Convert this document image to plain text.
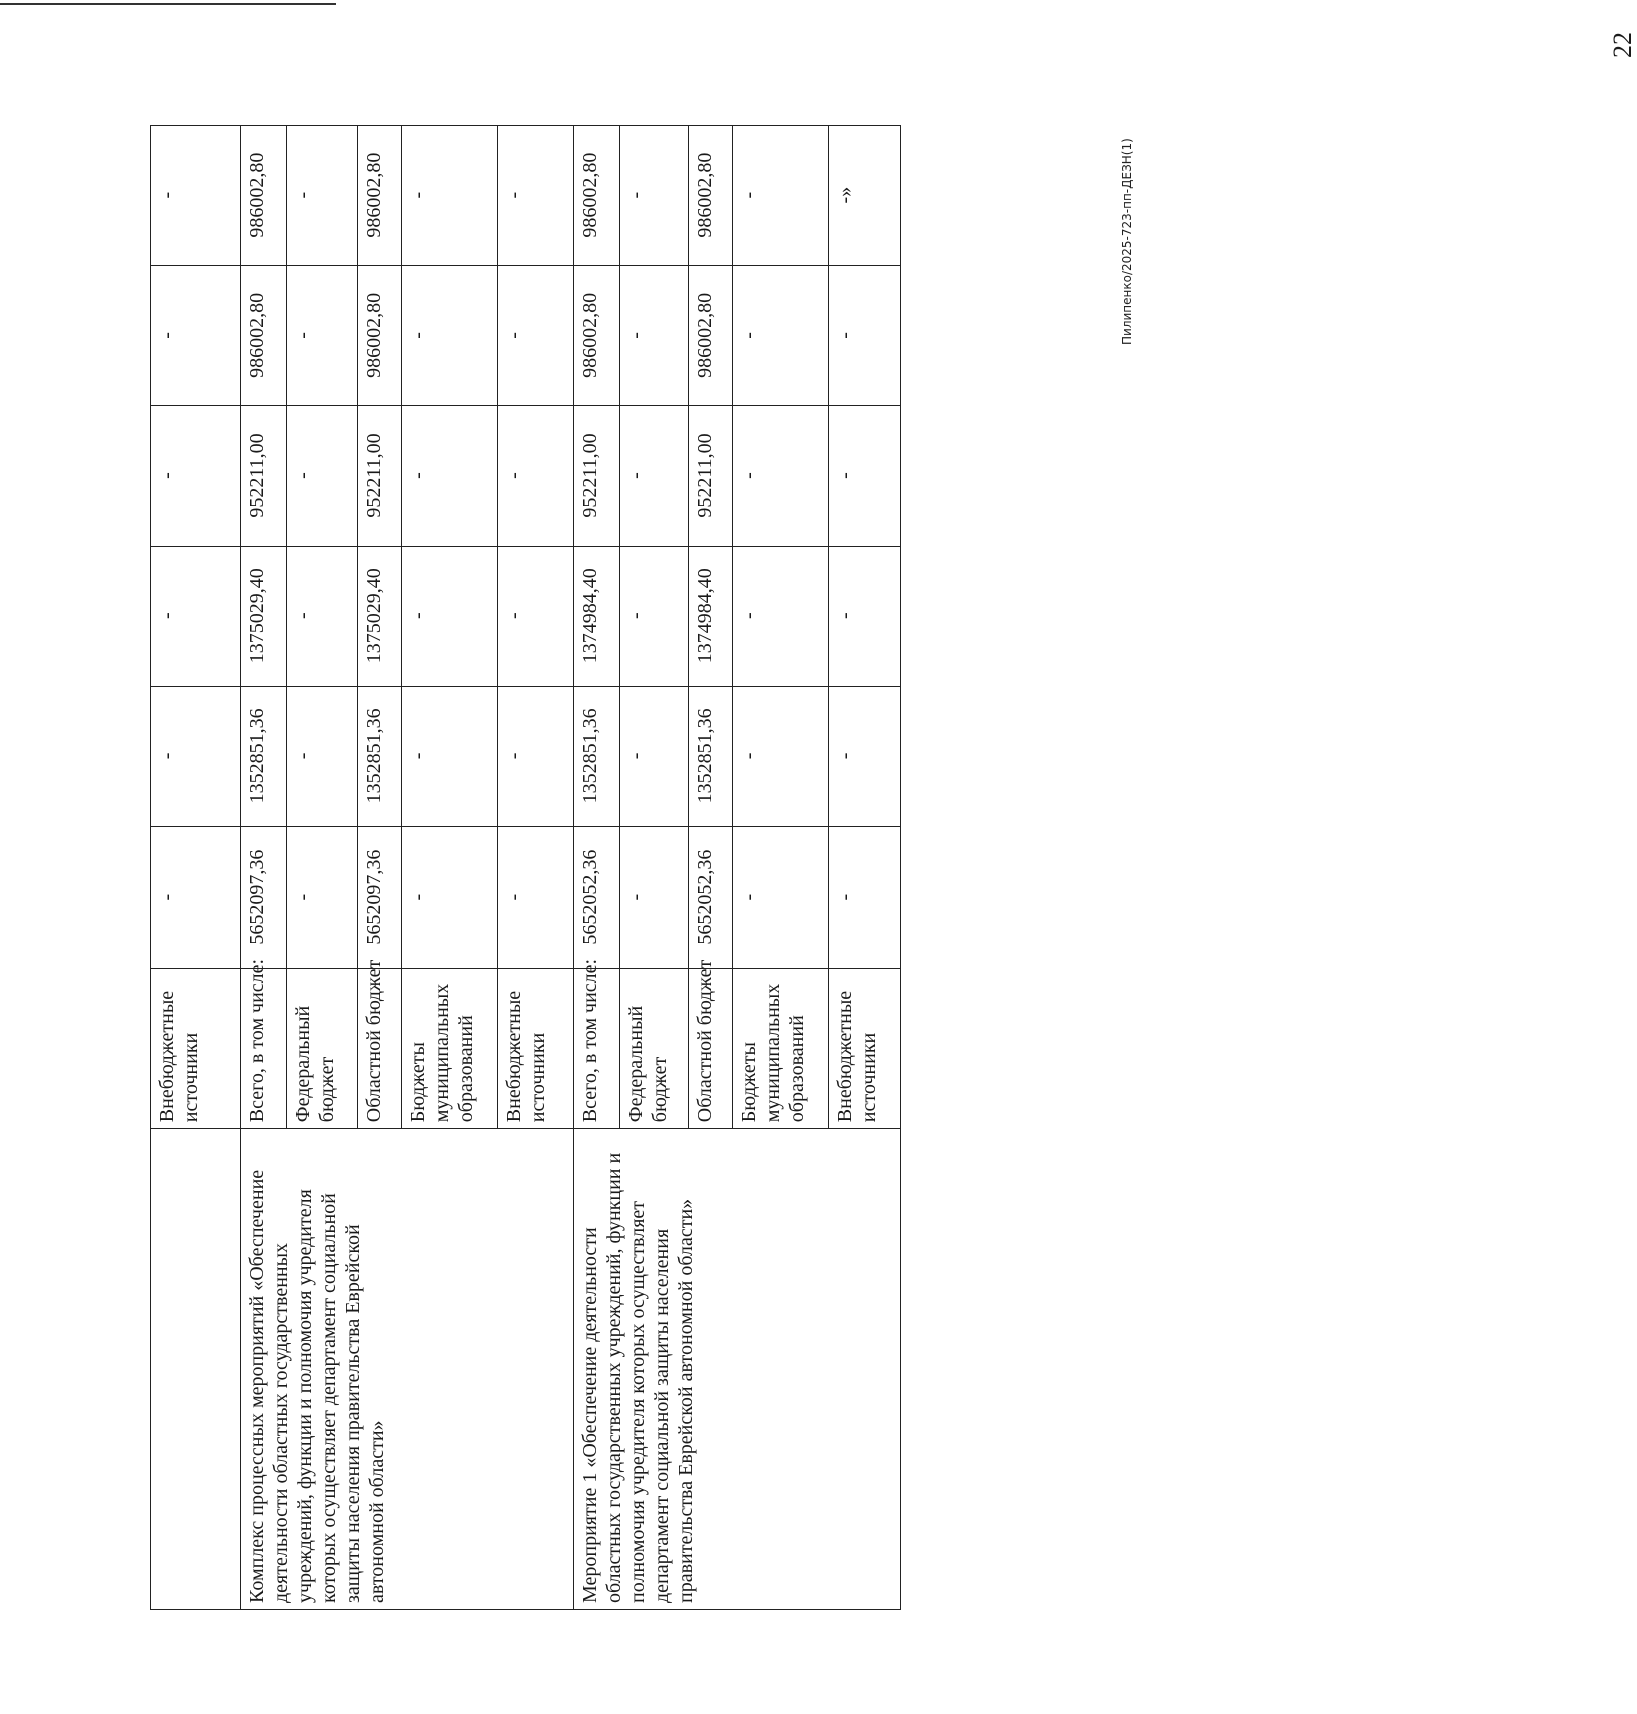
22
Пилипенко/2025-723-пп-ДЕЗН(1)
	Внебюджетные источники	-	-	-	-	-	-
Комплекс процессных мероприятий «Обеспечение деятельности областных государственных учреждений, функции и полномочия учредителя которых осуществляет департамент социальной защиты населения правительства Еврейской автономной области»	Всего, в том числе:	5652097,36	1352851,36	1375029,40	952211,00	986002,80	986002,80
	Федеральный бюджет	-	-	-	-	-	-
	Областной бюджет	5652097,36	1352851,36	1375029,40	952211,00	986002,80	986002,80
	Бюджеты муниципальных образований	-	-	-	-	-	-
	Внебюджетные источники	-	-	-	-	-	-
Мероприятие 1 «Обеспечение деятельности областных государственных учреждений, функции и полномочия учредителя которых осуществляет департамент социальной защиты населения правительства Еврейской автономной области»	Всего, в том числе:	5652052,36	1352851,36	1374984,40	952211,00	986002,80	986002,80
	Федеральный бюджет	-	-	-	-	-	-
	Областной бюджет	5652052,36	1352851,36	1374984,40	952211,00	986002,80	986002,80
	Бюджеты муниципальных образований	-	-	-	-	-	-
	Внебюджетные источники	-	-	-	-	-	-»
